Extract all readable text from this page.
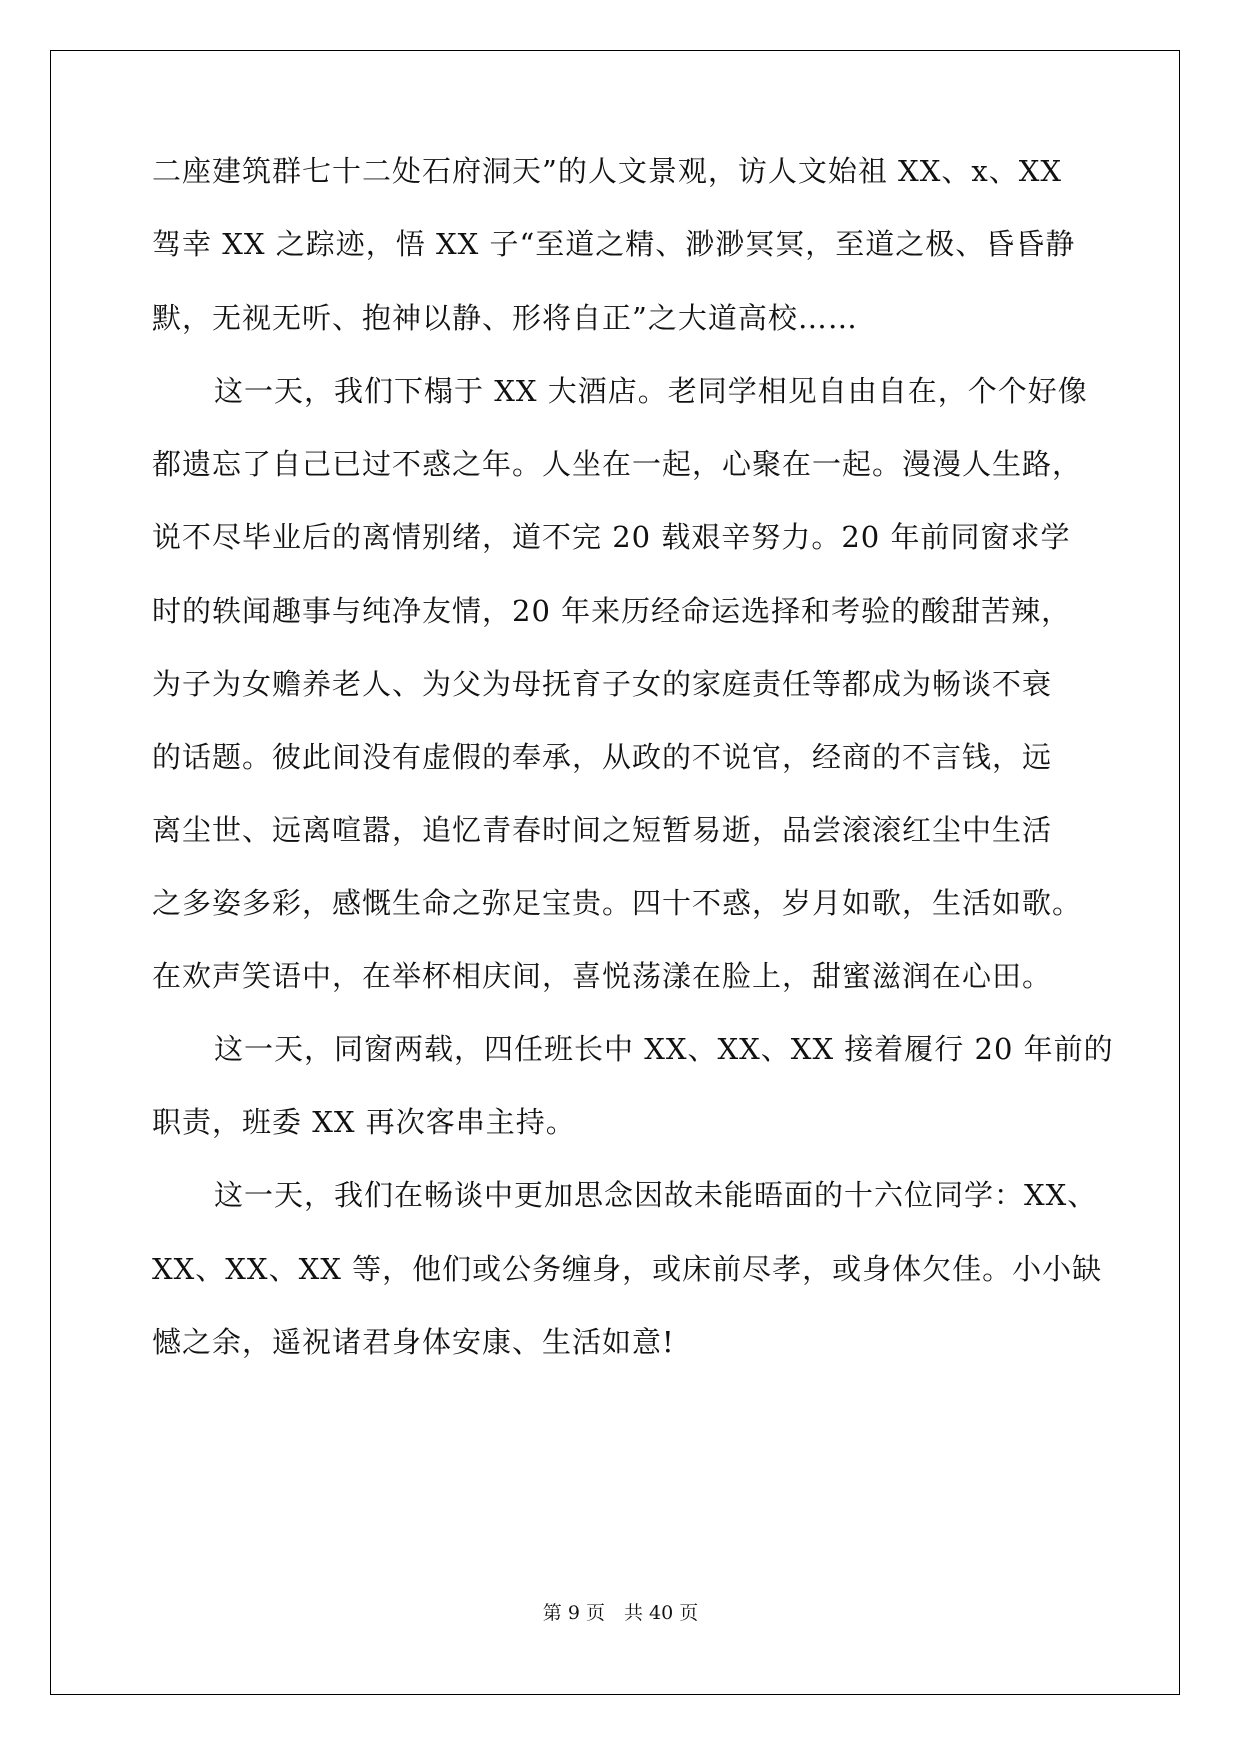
二座建筑群七十二处石府洞天”的人文景观，访人文始祖 XX、x、XX
驾幸 XX 之踪迹，悟 XX 子“至道之精、渺渺冥冥，至道之极、昏昏静
默，无视无听、抱神以静、形将自正”之大道高校……
这一天，我们下榻于 XX 大酒店。老同学相见自由自在，个个好像
都遗忘了自己已过不惑之年。人坐在一起，心聚在一起。漫漫人生路，
说不尽毕业后的离情别绪，道不完 20 载艰辛努力。20 年前同窗求学
时的轶闻趣事与纯净友情，20 年来历经命运选择和考验的酸甜苦辣，
为子为女赡养老人、为父为母抚育子女的家庭责任等都成为畅谈不衰
的话题。彼此间没有虚假的奉承，从政的不说官，经商的不言钱，远
离尘世、远离喧嚣，追忆青春时间之短暂易逝，品尝滚滚红尘中生活
之多姿多彩，感慨生命之弥足宝贵。四十不惑，岁月如歌，生活如歌。
在欢声笑语中，在举杯相庆间，喜悦荡漾在脸上，甜蜜滋润在心田。
这一天，同窗两载，四任班长中 XX、XX、XX 接着履行 20 年前的
职责，班委 XX 再次客串主持。
这一天，我们在畅谈中更加思念因故未能晤面的十六位同学：XX、
XX、XX、XX 等，他们或公务缠身，或床前尽孝，或身体欠佳。小小缺
憾之余，遥祝诸君身体安康、生活如意!
第 9 页　共 40 页
